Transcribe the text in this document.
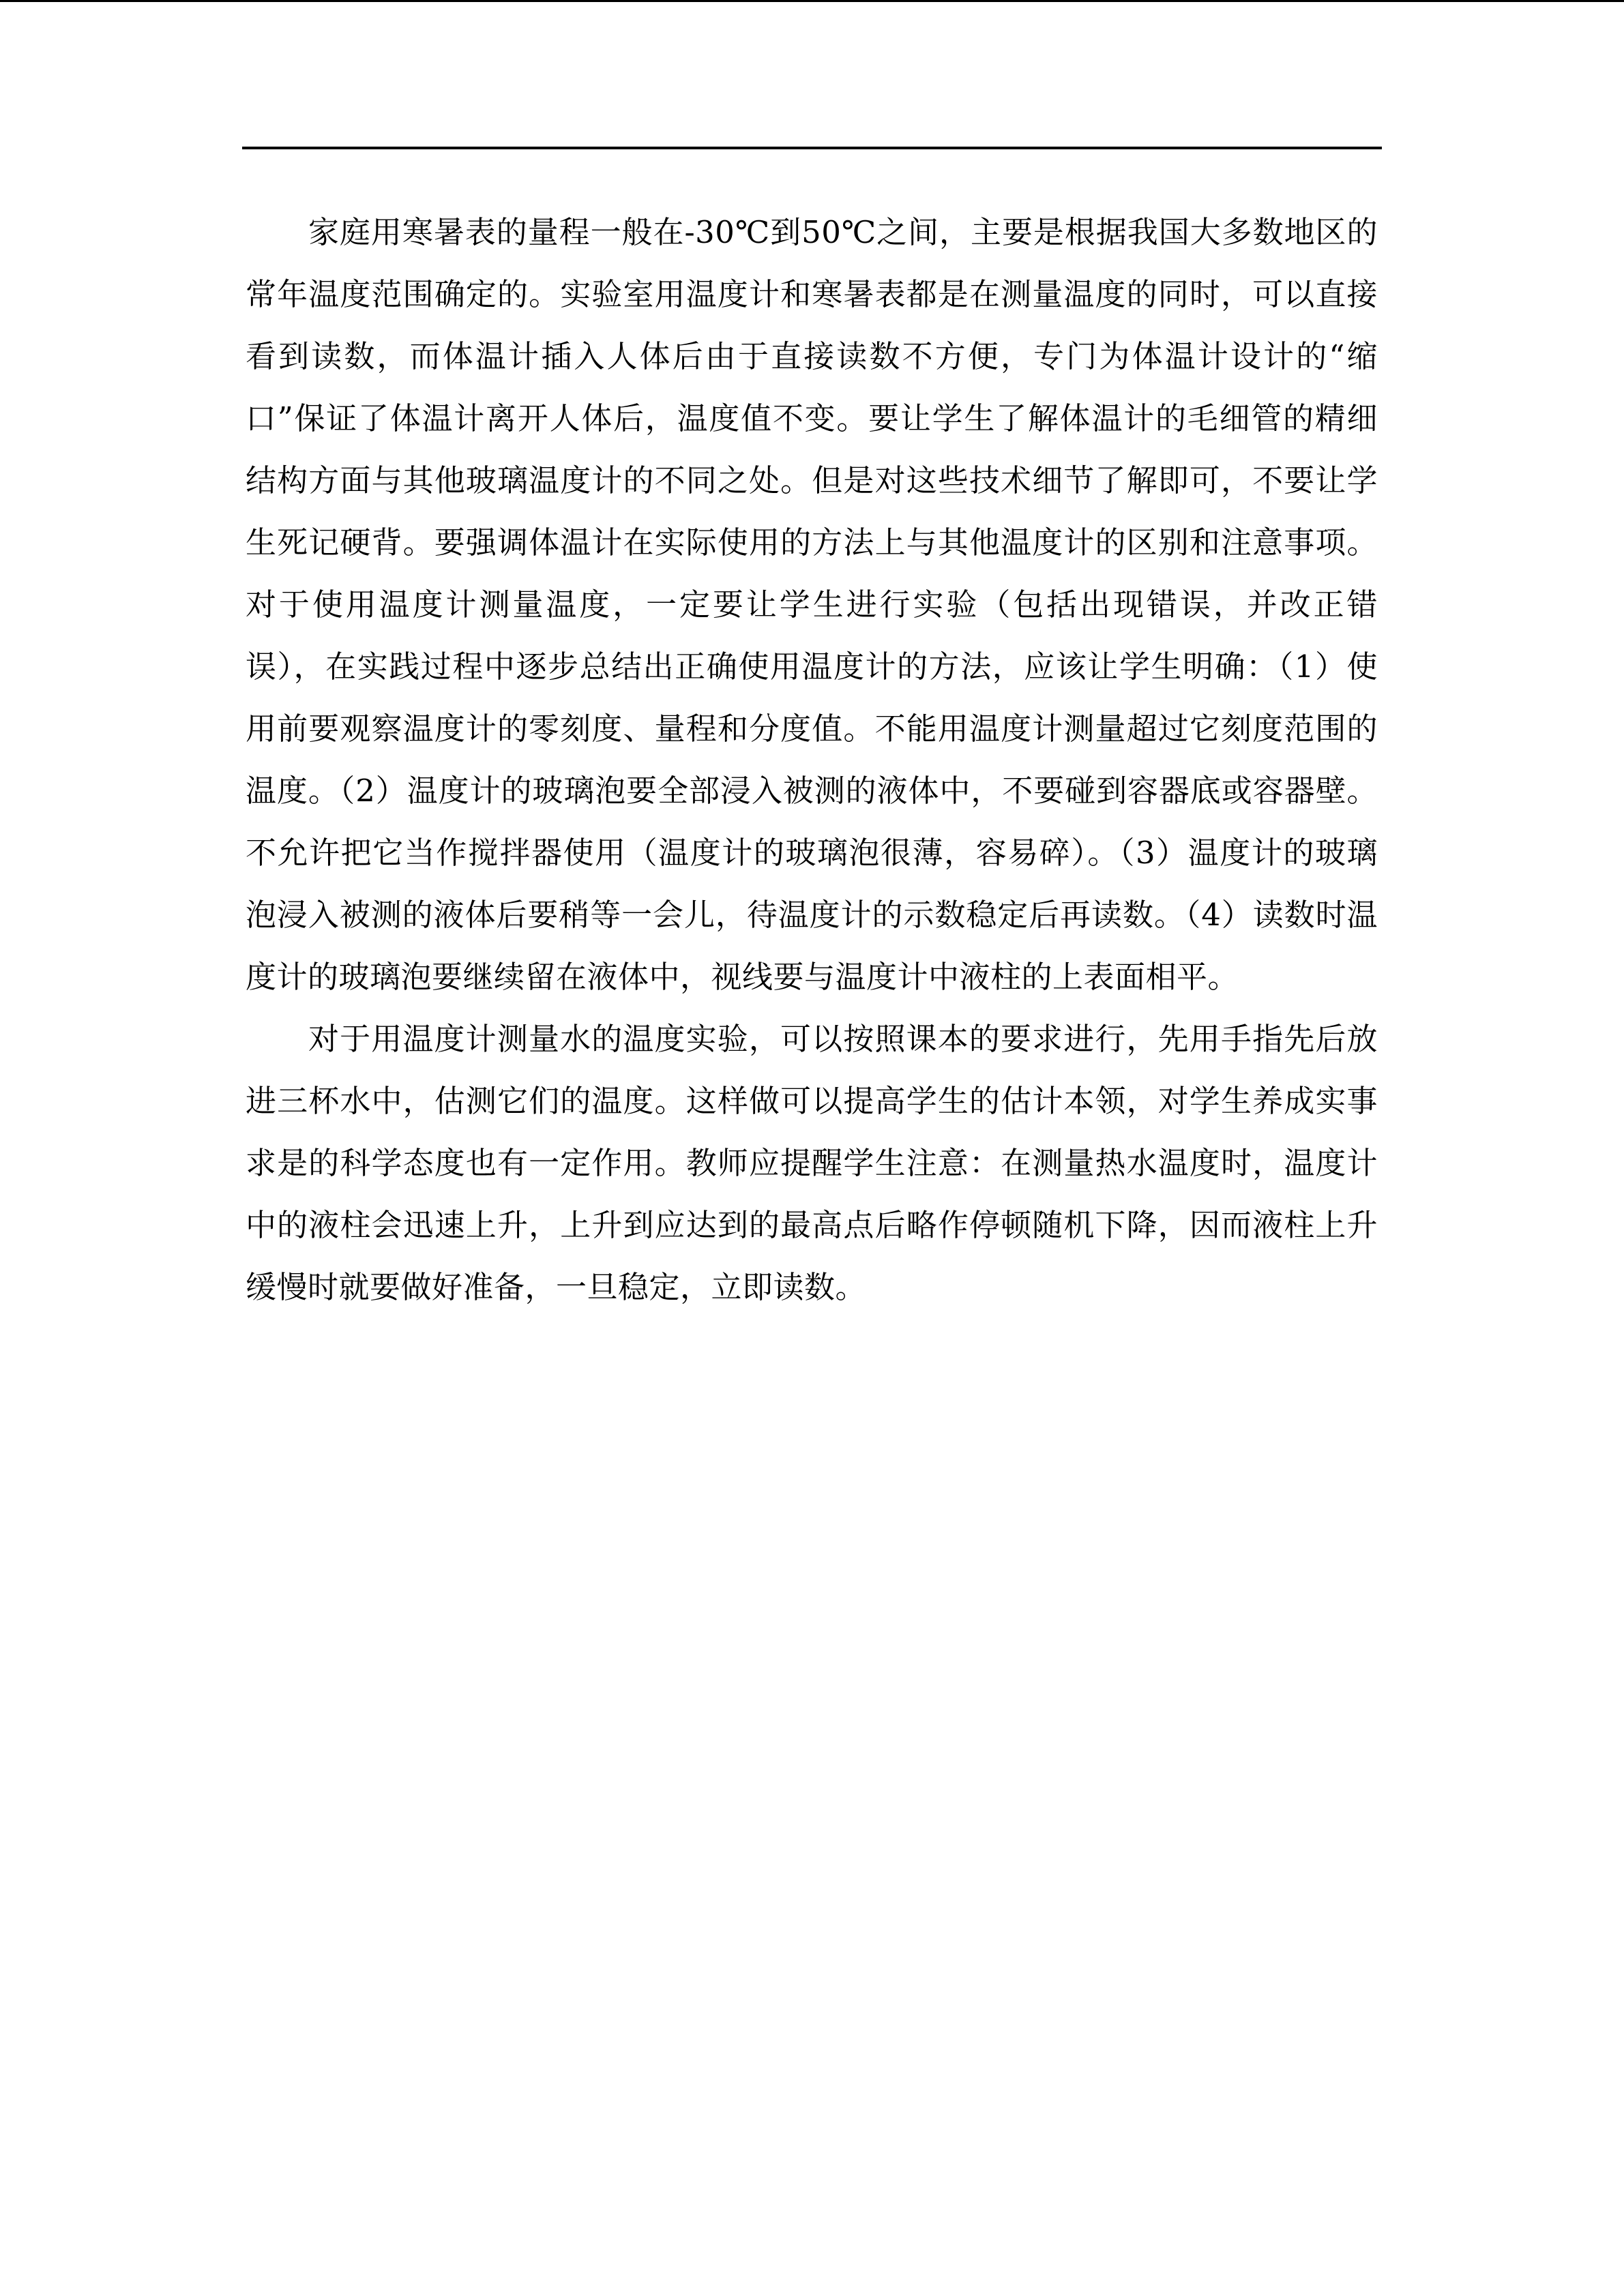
家庭用寒暑表的量程一般在-30℃到50℃之间，主要是根据我国大多数地区的常年温度范围确定的。实验室用温度计和寒暑表都是在测量温度的同时，可以直接看到读数，而体温计插入人体后由于直接读数不方便，专门为体温计设计的“缩口”保证了体温计离开人体后，温度值不变。要让学生了解体温计的毛细管的精细结构方面与其他玻璃温度计的不同之处。但是对这些技术细节了解即可，不要让学生死记硬背。要强调体温计在实际使用的方法上与其他温度计的区别和注意事项。对于使用温度计测量温度，一定要让学生进行实验（包括出现错误，并改正错误），在实践过程中逐步总结出正确使用温度计的方法，应该让学生明确：（1）使用前要观察温度计的零刻度、量程和分度值。不能用温度计测量超过它刻度范围的温度。（2）温度计的玻璃泡要全部浸入被测的液体中，不要碰到容器底或容器壁。不允许把它当作搅拌器使用（温度计的玻璃泡很薄，容易碎）。（3）温度计的玻璃泡浸入被测的液体后要稍等一会儿，待温度计的示数稳定后再读数。（4）读数时温度计的玻璃泡要继续留在液体中，视线要与温度计中液柱的上表面相平。

对于用温度计测量水的温度实验，可以按照课本的要求进行，先用手指先后放进三杯水中，估测它们的温度。这样做可以提高学生的估计本领，对学生养成实事求是的科学态度也有一定作用。教师应提醒学生注意：在测量热水温度时，温度计中的液柱会迅速上升，上升到应达到的最高点后略作停顿随机下降，因而液柱上升缓慢时就要做好准备，一旦稳定，立即读数。
